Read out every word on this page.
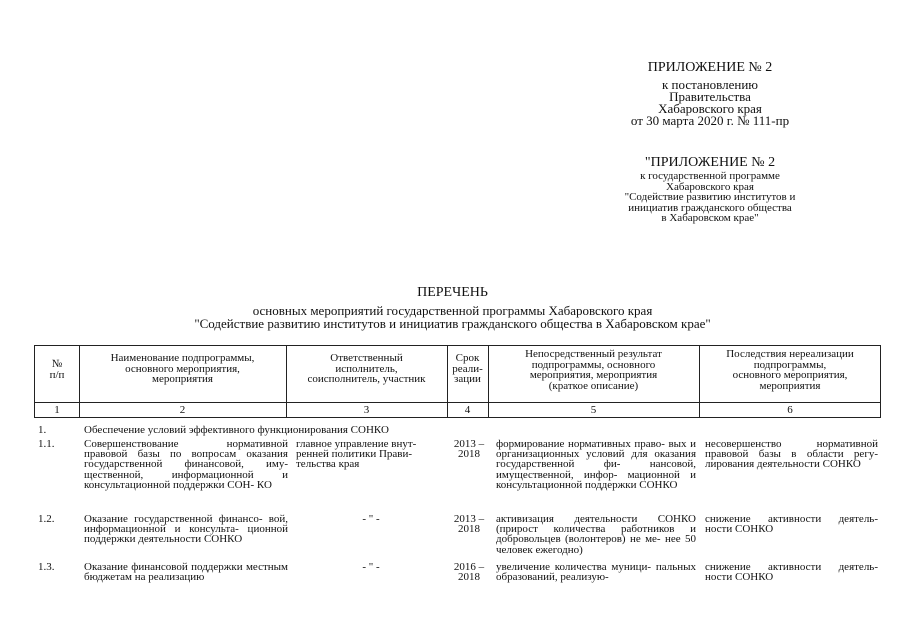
ПРИЛОЖЕНИЕ № 2
к постановлению
Правительства
Хабаровского края
от 30 марта 2020 г. № 111-пр
"ПРИЛОЖЕНИЕ № 2
к государственной программе
Хабаровского края
"Содействие развитию институтов и
инициатив гражданского общества
в Хабаровском крае"
ПЕРЕЧЕНЬ
основных мероприятий государственной программы Хабаровского края
"Содействие развитию институтов и инициатив гражданского общества в Хабаровском крае"
№
п/п
Наименование подпрограммы,
основного мероприятия,
мероприятия
Ответственный
исполнитель,
соисполнитель, участник
Срок
реали-
зации
Непосредственный результат
подпрограммы, основного
мероприятия, мероприятия
(краткое описание)
Последствия нереализации
подпрограммы,
основного мероприятия,
мероприятия
1	2	3	4	5	6
1.	Обеспечение условий эффективного функционирования СОНКО
1.1.	Совершенствование нормативной правовой базы по вопросам оказания государственной финансовой, иму- щественной, информационной и консультационной поддержки СОН- КО
главное управление внут- ренней политики Прави- тельства края
2013 –
2018
формирование нормативных право- вых и организационных условий для оказания государственной фи- нансовой, имущественной, инфор- мационной и консультационной поддержки СОНКО
несовершенство нормативной правовой базы в области регу- лирования деятельности СОНКО
1.2.	Оказание государственной финансо- вой, информационной и консульта- ционной поддержки деятельности СОНКО
- " -	2013 –
2018
активизация деятельности СОНКО (прирост количества работников и добровольцев (волонтеров) не ме- нее 50 человек ежегодно)
снижение активности деятель- ности СОНКО
1.3.	Оказание финансовой поддержки местным бюджетам на реализацию
- " -	2016 –
2018
увеличение количества муници- пальных образований, реализую-
снижение активности деятель- ности СОНКО
